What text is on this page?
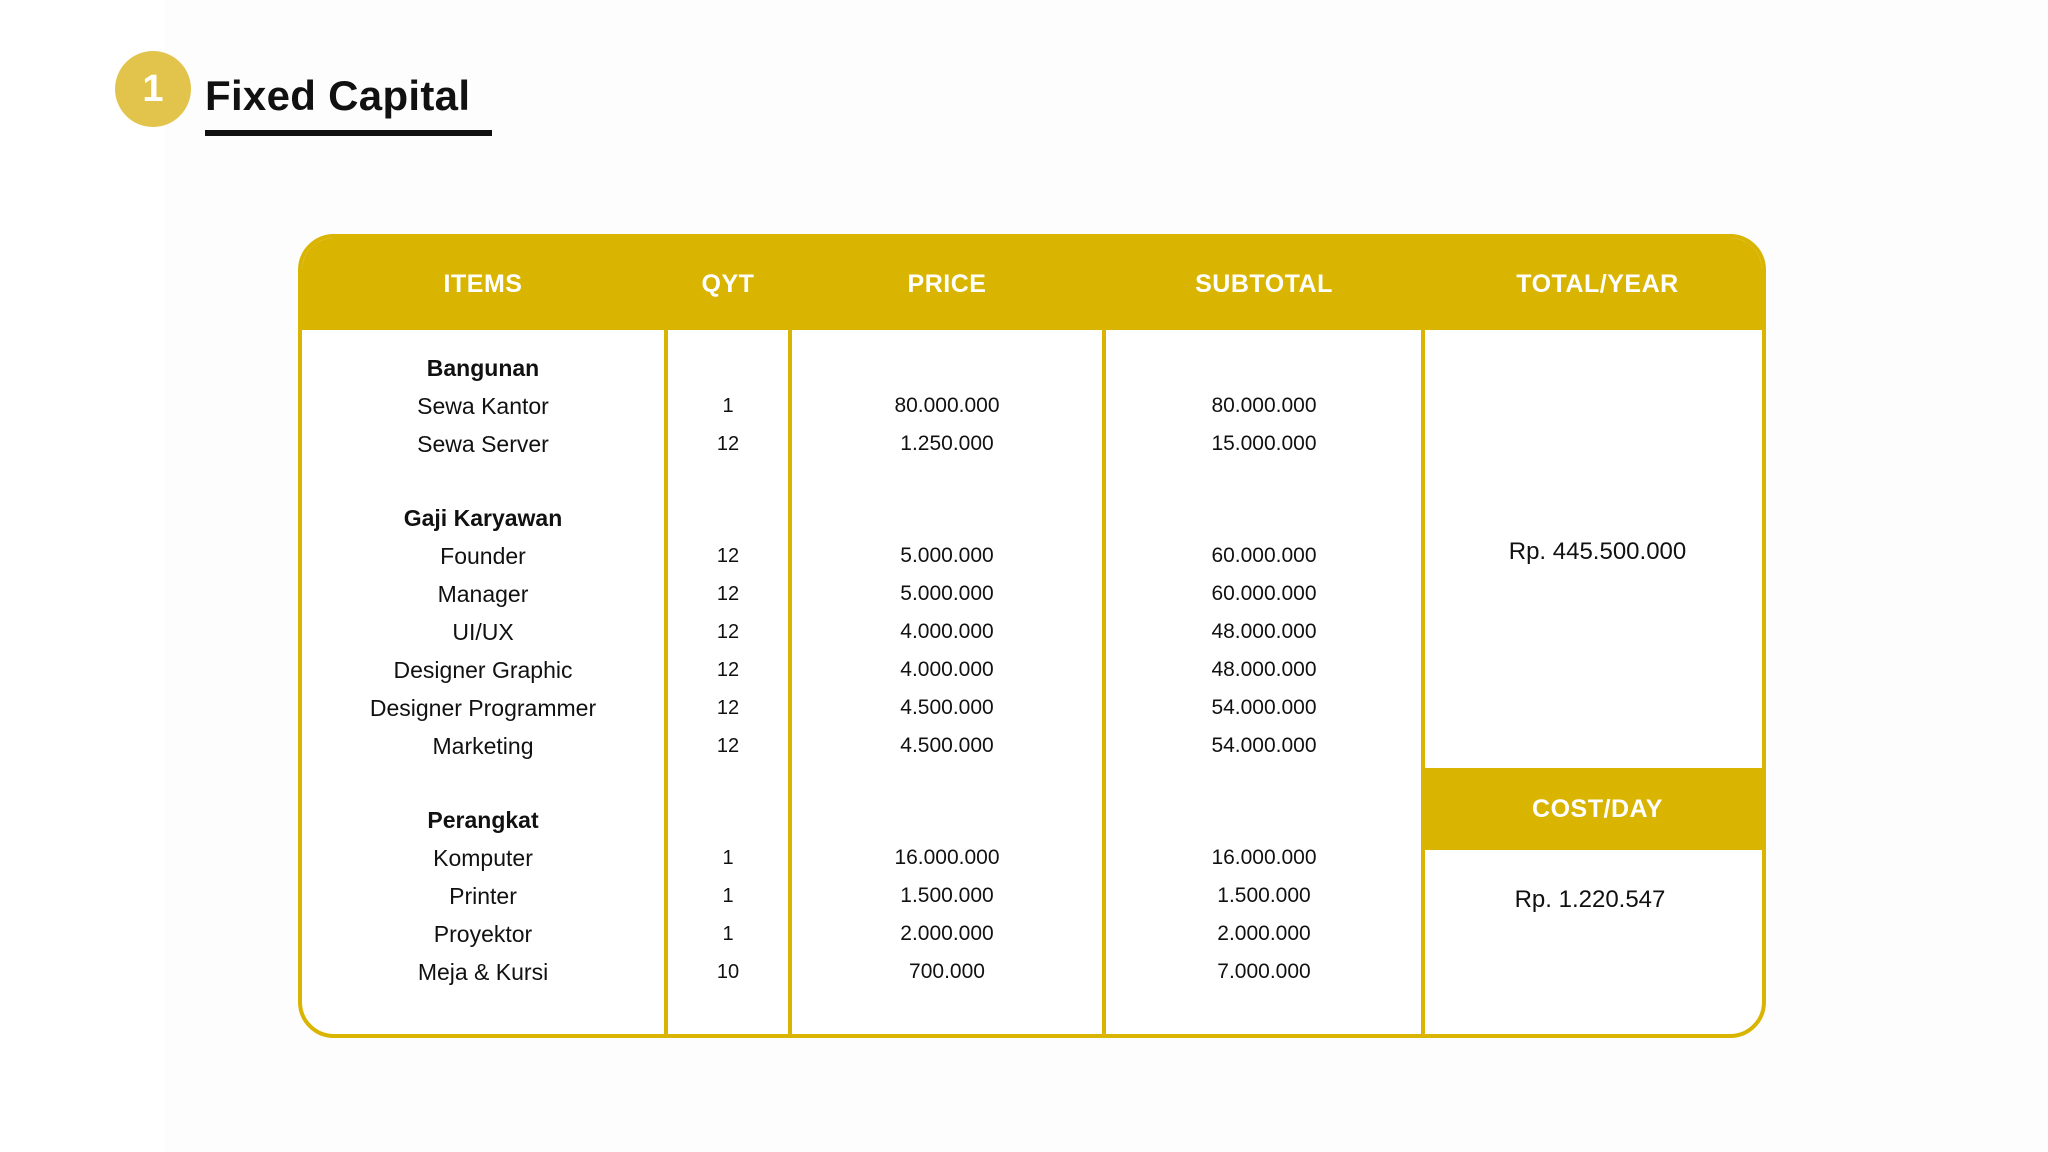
1 Fixed Capital
ITEMS	QYT	PRICE	SUBTOTAL	TOTAL/YEAR
Bangunan
Sewa Kantor	1	80.000.000	80.000.000
Sewa Server	12	1.250.000	15.000.000
Gaji Karyawan
Founder	12	5.000.000	60.000.000
Manager	12	5.000.000	60.000.000
UI/UX	12	4.000.000	48.000.000
Designer Graphic	12	4.000.000	48.000.000
Designer Programmer	12	4.500.000	54.000.000
Marketing	12	4.500.000	54.000.000
Perangkat
Komputer	1	16.000.000	16.000.000
Printer	1	1.500.000	1.500.000
Proyektor	1	2.000.000	2.000.000
Meja & Kursi	10	700.000	7.000.000
Rp. 445.500.000
COST/DAY
Rp. 1.220.547
